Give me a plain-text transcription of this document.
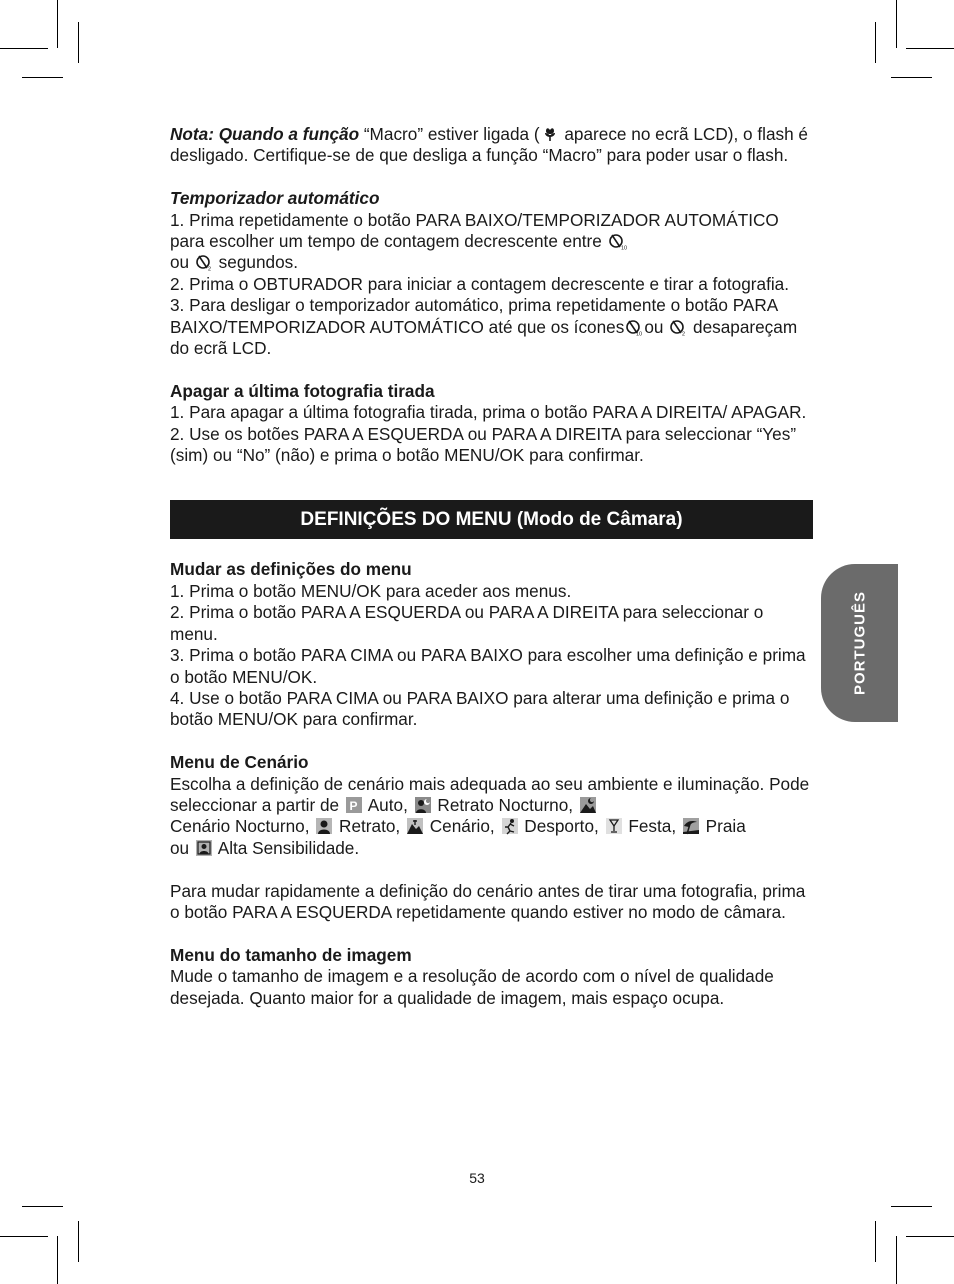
Nota: Quando a função “Macro” estiver ligada (
aparece no ecrã LCD), o flash é desligado. Certifique-se de que desliga a função “Macro” para poder usar o flash.

Temporizador automático

1. Prima repetidamente o botão PARA BAIXO/TEMPORIZADOR AUTOMÁTICO para escolher um tempo de contagem decrescente entre	10

ou	2 segundos.

2. Prima o OBTURADOR para iniciar a contagem decrescente e tirar a fotografia.

3. Para desligar o temporizador automático, prima repetidamente o botão PARA BAIXO/TEMPORIZADOR AUTOMÁTICO até que os ícones 10 ou	2 desapareçam do ecrã LCD.

Apagar a última fotografia tirada

1. Para apagar a última fotografia tirada, prima o botão PARA A DIREITA/ APAGAR.

2. Use os botões PARA A ESQUERDA ou PARA A DIREITA para seleccionar “Yes” (sim) ou “No” (não) e prima o botão MENU/OK para confirmar.

DEFINIÇÕES DO MENU (Modo de Câmara)

Mudar as definições do menu

1. Prima o botão MENU/OK para aceder aos menus.

2. Prima o botão PARA A ESQUERDA ou PARA A DIREITA para seleccionar o menu.

3. Prima o botão PARA CIMA ou PARA BAIXO para escolher uma definição e prima o botão MENU/OK.

4. Use o botão PARA CIMA ou PARA BAIXO para alterar uma definição e prima o botão MENU/OK para confirmar.

Menu de Cenário

Escolha a definição de cenário mais adequada ao seu ambiente e iluminação. Pode seleccionar a partir de P Auto,
Retrato Nocturno,

Cenário Nocturno,
Retrato,
Cenário,
Desporto,
Festa,
Praia
ou
Alta Sensibilidade.

Para mudar rapidamente a definição do cenário antes de tirar uma fotografia, prima o botão PARA A ESQUERDA repetidamente quando estiver no modo de câmara.

Menu do tamanho de imagem

Mude o tamanho de imagem e a resolução de acordo com o nível de qualidade desejada. Quanto maior for a qualidade de imagem, mais espaço ocupa.

PORTUGUÊS
53
